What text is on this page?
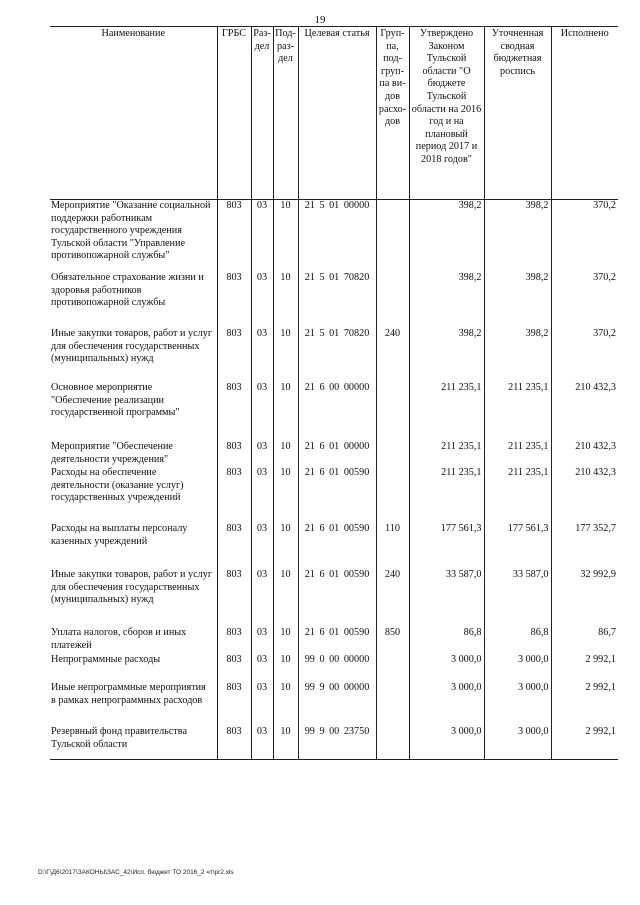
19
Наименование	ГРБС	Раз-дел	Под-раз-дел	Целевая статья	Груп-па, под-груп-па ви-дов расхо-дов	Утверждено Законом Тульской области "О бюджете Тульской области на 2016 год и на плановый период 2017 и 2018 годов"	Уточненная сводная бюджетная роспись	Исполнено
Мероприятие "Оказание социальной поддержки работникам государственного учреждения Тульской области "Управление противопожарной службы"	803	03	10	21 5 01 00000		398,2	398,2	370,2
Обязательное страхование жизни и здоровья работников противопожарной службы	803	03	10	21 5 01 70820		398,2	398,2	370,2
Иные закупки товаров, работ и услуг для обеспечения государственных (муниципальных) нужд	803	03	10	21 5 01 70820	240	398,2	398,2	370,2
Основное мероприятие "Обеспечение реализации государственной программы"	803	03	10	21 6 00 00000		211 235,1	211 235,1	210 432,3
Мероприятие "Обеспечение деятельности учреждения"	803	03	10	21 6 01 00000		211 235,1	211 235,1	210 432,3
Расходы на обеспечение деятельности (оказание услуг) государственных учреждений	803	03	10	21 6 01 00590		211 235,1	211 235,1	210 432,3
Расходы на выплаты персоналу казенных учреждений	803	03	10	21 6 01 00590	110	177 561,3	177 561,3	177 352,7
Иные закупки товаров, работ и услуг для обеспечения государственных (муниципальных) нужд	803	03	10	21 6 01 00590	240	33 587,0	33 587,0	32 992,9
Уплата налогов, сборов и иных платежей	803	03	10	21 6 01 00590	850	86,8	86,8	86,7
Непрограммные расходы	803	03	10	99 0 00 00000		3 000,0	3 000,0	2 992,1
Иные непрограммные мероприятия в рамках непрограммных расходов	803	03	10	99 9 00 00000		3 000,0	3 000,0	2 992,1
Резервный фонд правительства Тульской области	803	03	10	99 9 00 23750		3 000,0	3 000,0	2 992,1

D:\Г\Д6\2017\ЗАКОНЫ\ЗАС_42\Исп. бюджет ТО 2016_2 чт\pr2.xls
